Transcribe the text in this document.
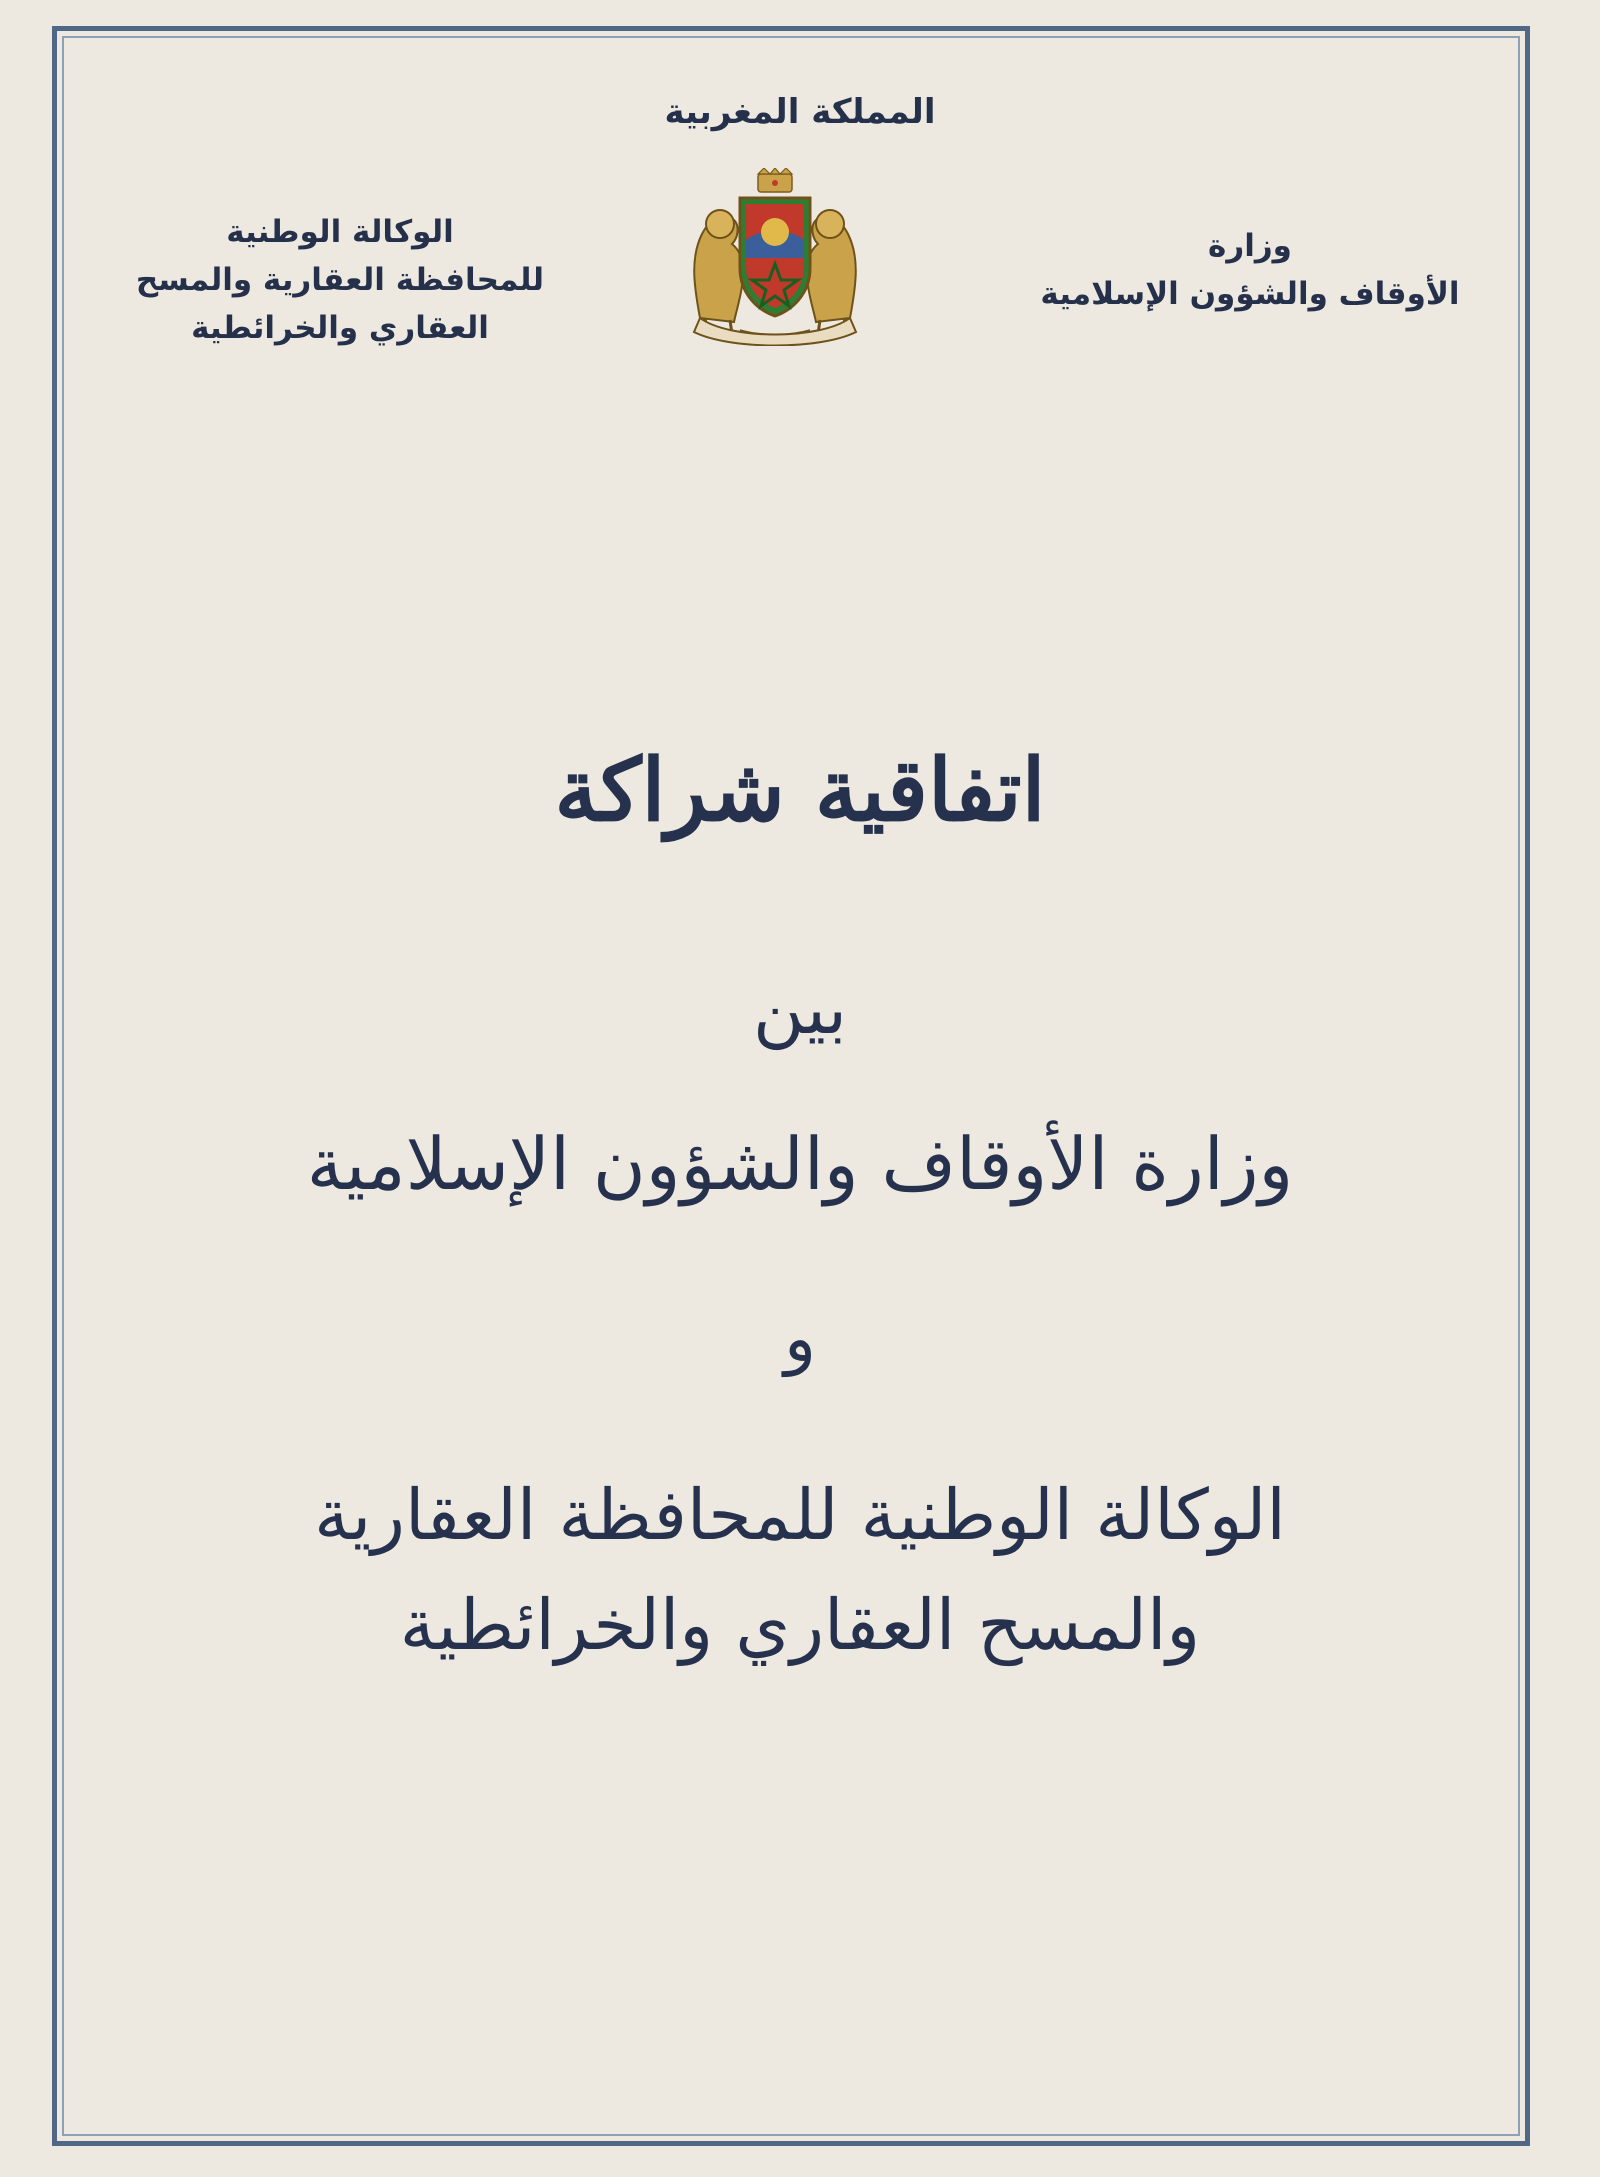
المملكة المغربية
الوكالة الوطنية
للمحافظة العقارية والمسح
العقاري والخرائطية
وزارة
الأوقاف والشؤون الإسلامية
اتفاقية شراكة
بين
وزارة الأوقاف والشؤون الإسلامية
و
الوكالة الوطنية للمحافظة العقارية
والمسح العقاري والخرائطية
